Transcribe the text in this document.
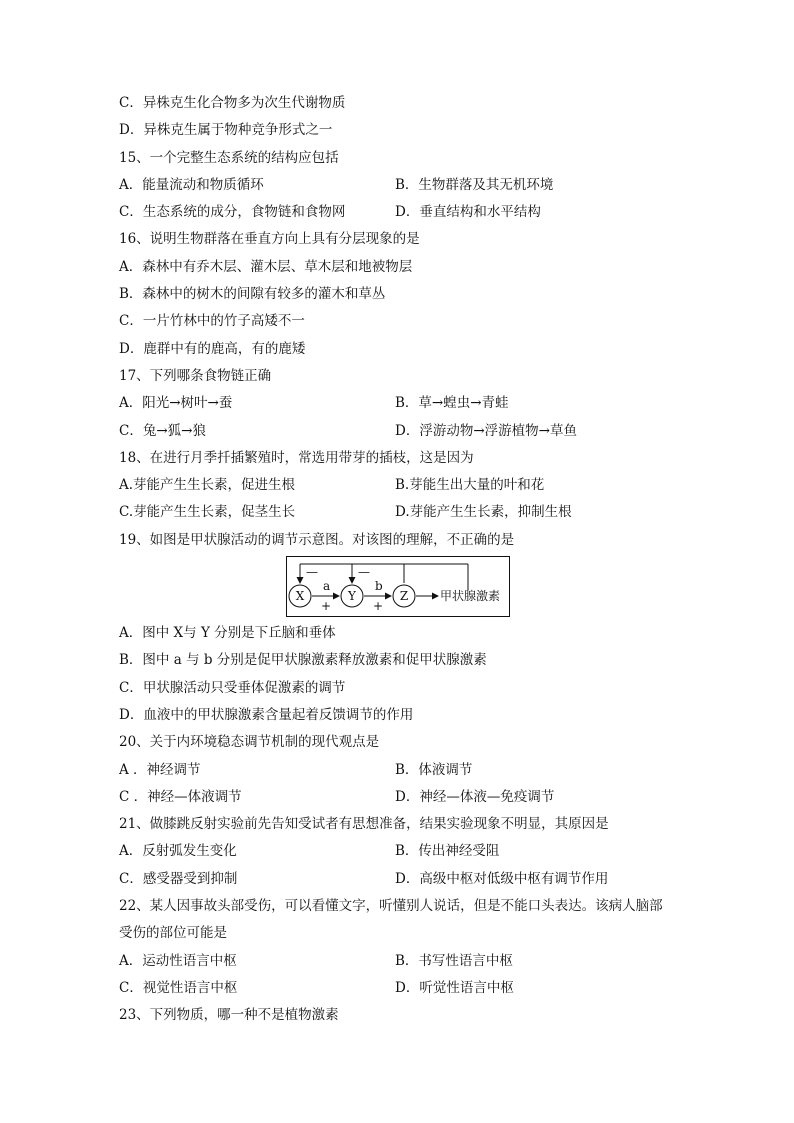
C．异株克生化合物多为次生代谢物质
D．异株克生属于物种竞争形式之一
15、一个完整生态系统的结构应包括
A．能量流动和物质循环	B．生物群落及其无机环境
C．生态系统的成分，食物链和食物网	D．垂直结构和水平结构
16、说明生物群落在垂直方向上具有分层现象的是
A．森林中有乔木层、灌木层、草木层和地被物层
B．森林中的树木的间隙有较多的灌木和草丛
C．一片竹林中的竹子高矮不一
D．鹿群中有的鹿高，有的鹿矮
17、下列哪条食物链正确
A．阳光→树叶→蚕	B．草→蝗虫→青蛙
C．兔→狐→狼	D．浮游动物→浮游植物→草鱼
18、在进行月季扦插繁殖时，常选用带芽的插枝，这是因为
A.芽能产生生长素，促进生根	B.芽能生出大量的叶和花
C.芽能产生生长素，促茎生长	D.芽能产生生长素，抑制生根
19、如图是甲状腺活动的调节示意图。对该图的理解，不正确的是
—	—
X	Y	Z
a
+
b
+
甲状腺激素
A．图中 X与 Y 分别是下丘脑和垂体
B．图中 a 与 b 分别是促甲状腺激素释放激素和促甲状腺激素
C．甲状腺活动只受垂体促激素的调节
D．血液中的甲状腺激素含量起着反馈调节的作用
20、关于内环境稳态调节机制的现代观点是
A ．神经调节	B．体液调节
C ．神经—体液调节	D．神经—体液—免疫调节
21、做膝跳反射实验前先告知受试者有思想准备，结果实验现象不明显，其原因是
A．反射弧发生变化	B．传出神经受阻
C．感受器受到抑制	D．高级中枢对低级中枢有调节作用
22、某人因事故头部受伤，可以看懂文字，听懂别人说话，但是不能口头表达。该病人脑部
受伤的部位可能是
A．运动性语言中枢	B．书写性语言中枢
C．视觉性语言中枢	D．听觉性语言中枢
23、下列物质，哪一种不是植物激素
